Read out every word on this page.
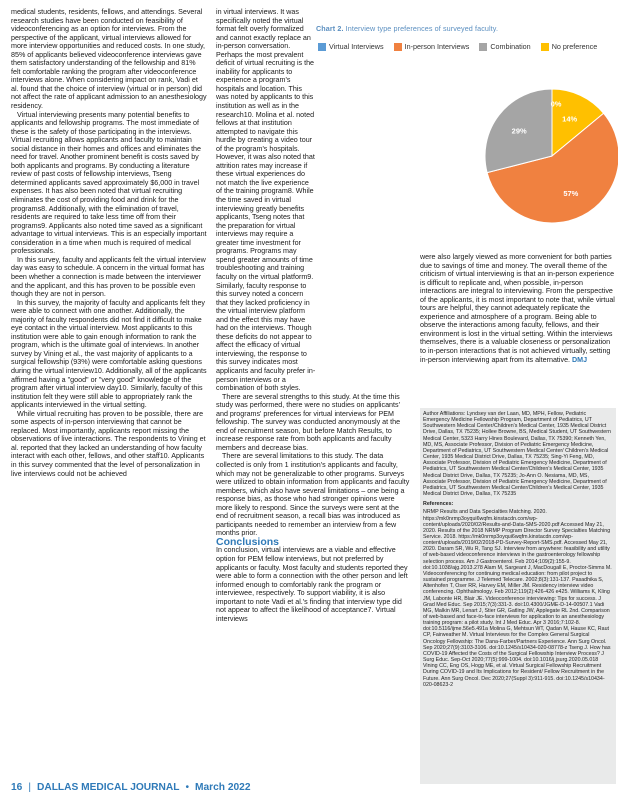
medical students, residents, fellows, and attendings. Several research studies have been conducted on feasibility of videoconferencing as an option for interviews. From the perspective of the applicant, virtual interviews allowed for more interview opportunities and reduced costs. In one study, 85% of applicants believed videoconference interviews gave them satisfactory understanding of the fellowship and 81% felt comfortable ranking the program after videoconference interviews alone. When considering impact on rank, Vadi et al. found that the choice of interview (virtual or in person) did not affect the rate of applicant admission to an anesthesiology residency.

Virtual interviewing presents many potential benefits to applicants and fellowship programs. The most immediate of these is the safety of those participating in the interviews. Virtual recruiting allows applicants and faculty to maintain social distance in their homes and offices and eliminates the need for travel. Another prominent benefit is costs saved by both applicants and programs. By conducting a literature review of past costs of fellowship interviews, Tseng determined applicants saved approximately $6,000 in travel expenses. It has also been noted that virtual recruiting eliminates the cost of providing food and drink for the programs8. Additionally, with the elimination of travel, residents are required to take less time off from their programs9. Applicants also noted time saved as a significant advantage to virtual interviews. This is an especially important consideration in a time when much is required of medical professionals.

In this survey, faculty and applicants felt the virtual interview day was easy to schedule. A concern in the virtual format has been whether a connection is made between the interviewer and the applicant, and this has proven to be possible even though they are not in person.

In this survey, the majority of faculty and applicants felt they were able to connect with one another. Additionally, the majority of faculty respondents did not find it difficult to make eye contact in the virtual interview. Most applicants to this institution were able to gain enough information to rank the program, which is the ultimate goal of interviews. In another survey by Vining et al., the vast majority of applicants to a surgical fellowship (93%) were comfortable asking questions during the virtual interview10. Additionally, all of the applicants affirmed having a "good" or "very good" knowledge of the program after virtual interview day10. Similarly, faculty of this institution felt they were still able to appropriately rank the applicants interviewed in the virtual setting.

While virtual recruiting has proven to be possible, there are some aspects of in-person interviewing that cannot be replaced. Most importantly, applicants report missing the observations of live interactions. The respondents to Vining et al. reported that they lacked an understanding of how faculty interact with each other, fellows, and other staff10. Applicants in this survey commented that the level of personalization in live interviews could not be achieved

in virtual interviews. It was specifically noted the virtual format felt overly formalized and cannot exactly replace an in-person conversation. Perhaps the most prevalent deficit of virtual recruiting is the inability for applicants to experience a program's hospitals and location. This was noted by applicants to this institution as well as in the research10. Molina et al. noted fellows at that institution attempted to navigate this hurdle by creating a video tour of the program's hospitals. However, it was also noted that attrition rates may increase if these virtual experiences do not match the live experience of the training program8. While the time saved in virtual interviewing greatly benefits applicants, Tseng notes that the preparation for virtual interviews may require a greater time investment for programs. Programs may spend greater amounts of time troubleshooting and training faculty on the virtual platform9. Similarly, faculty response to this survey noted a concern that they lacked proficiency in the virtual interview platform and the effect this may have had on the interviews. Though these deficits do not appear to affect the efficacy of virtual interviewing, the response to this survey indicates most applicants and faculty prefer in-person interviews or a combination of both styles.

There are several strengths to this study. At the time this study was performed, there were no studies on applicants' and programs' preferences for virtual interviews for PEM fellowship. The survey was conducted anonymously at the end of recruitment season, but before Match Results, to increase response rate from both applicants and faculty members and decrease bias.

There are several limitations to this study. The data collected is only from 1 institution's applicants and faculty, which may not be generalizable to other programs. Surveys were utilized to obtain information from applicants and faculty members, which also have several limitations – one being a response bias, as those who had stronger opinions were more likely to respond. Since the surveys were sent at the end of recruitment season, a recall bias was introduced as participants needed to remember an interview from a few months prior.

Conclusions

In conclusion, virtual interviews are a viable and effective option for PEM fellow interviews, but not preferred by applicants or faculty. Most faculty and students reported they were able to form a connection with the other person and left informed enough to comfortably rank the program or interviewee, respectively. To support viability, it is also important to note Vadi et al.'s finding that interview type did not appear to affect the likelihood of acceptance7. Virtual interviews

Chart 2. Interview type preferences of surveyed faculty.
Virtual Interviews	In-person Interviews	Combination	No preference
0%
14%
57%
29%

were also largely viewed as more convenient for both parties due to savings of time and money. The overall theme of the criticism of virtual interviewing is that an in-person experience is difficult to replicate and, when possible, in-person interactions are integral to interviewing. From the perspective of the applicants, it is most important to note that, while virtual tours are helpful, they cannot adequately replicate the experience and atmosphere of a program. Being able to observe the interactions among faculty, fellows, and their environment is lost in the virtual setting. Within the interviews themselves, there is a valuable closeness or personalization to in-person interactions that is not achieved virtually, setting in-person interviewing apart from its alternative. DMJ

Author Affiliations: Lyndsey van der Laan, MD, MPH, Fellow, Pediatric Emergency Medicine Fellowship Program, Department of Pediatrics, UT Southwestern Medical Center/Children's Medical Center, 1935 Medical District Drive, Dallas, TX 75235; Hollee Browne, BS, Medical Student, UT Southwestern Medical Center, 5323 Harry Hines Boulevard, Dallas, TX 75390; Kenneth Yen, MD, MS, Associate Professor, Division of Pediatric Emergency Medicine, Department of Pediatrics, UT Southwestern Medical Center/ Children's Medical Center, 1935 Medical District Drive, Dallas, TX 75235; Sing-Yi Feng, MD, Associate Professor, Division of Pediatric Emergency Medicine, Department of Pediatrics, UT Southwestern Medical Center/Children's Medical Center, 1935 Medical District Drive, Dallas, TX 75235; Jo-Ann O. Nesiama, MD, MS, Associate Professor, Division of Pediatric Emergency Medicine, Department of Pediatrics, UT Southwestern Medical Center/Children's Medical Center, 1935 Medical District Drive, Dallas, TX 75235

References:

NRMP Results and Data Specialties Matching. 2020. https://mk0nrmp3oyqui6wqfm.kinstacdn.com/wp-content/uploads/2020/02/Results-and-Data-SMS-2020.pdf Accessed May 21, 2020. Results of the 2018 NRMP Program Director Survey Specialties Matching Service. 2018. https://mk0nrmp3oyqui6wqfm.kinstacdn.com/wp-content/uploads/2019/02/2018-PD-Survey-Report-SMS.pdf. Accessed May 21, 2020. Daram SR, Wu R, Tang SJ. Interview from anywhere: feasibility and utility of web-based videoconference interviews in the gastroenterology fellowship selection process. Am J Gastroenterol. Feb 2014;109(2):155-9. doi:10.1038/ajg.2013.278 Alam M, Sargeant J, MacDougall E, Proctor-Simms M. Videoconferencing for continuing medical education: from pilot project to sustained programme. J Telemed Telecare. 2002;8(3):131-137. Pasadhika S, Altenhofen T, Oser RR, Harvey EM, Miller JM. Residency interview video conferencing. Ophthalmology. Feb 2012;119(2):426-426 e425. Williams K, Kling JM, Labonte HR, Blair JE. Videoconference interviewing: Tips for success. J Grad Med Educ. Sep 2015;7(3):331-3. doi:10.4300/JGME-D-14-00507.1 Vadi MG, Malkin MR, Lenart J, Stier GR, Gatling JW, Applegate RL 2nd. Comparison of web-based and face-to-face interviews for application to an anesthesiology training program: a pilot study. Int J Med Educ. Apr 3 2016;7:102-8. doi:10.5116/ijme.56e5.491a Molina G, Mehtsun WT, Qadan M, Hause KC, Raut CP, Fairweather M. Virtual Interviews for the Complex General Surgical Oncology Fellowship: The Dana-Farber/Partners Experience. Ann Surg Oncol. Sep 2020;27(9):3103-3106. doi:10.1245/s10434-020-08778-z Tseng J. How has COVID-19 Affected the Costs of the Surgical Fellowship Interview Process? J Surg Educ. Sep-Oct 2020;77(5):999-1004. doi:10.1016/j.jsurg.2020.05.018 Vining CC, Eng OS, Hogg ME, et al. Virtual Surgical Fellowship Recruitment During COVID-19 and Its Implications for Resident/ Fellow Recruitment in the Future. Ann Surg Oncol. Dec 2020;27(Suppl 3):911-915. doi:10.1245/s10434-020-08623-2

16 | DALLAS MEDICAL JOURNAL • March 2022
